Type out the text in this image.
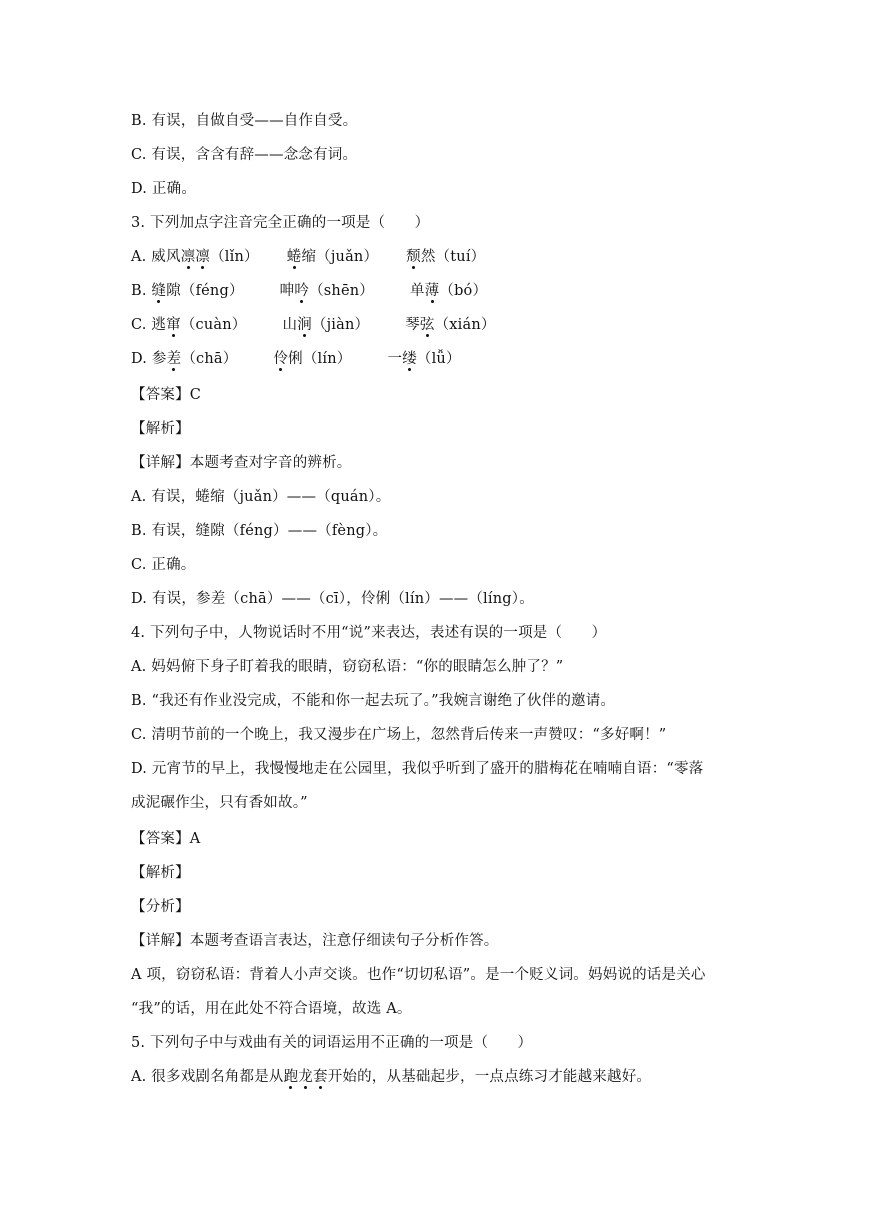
B. 有误，自做自受——自作自受。
C. 有误，含含有辞——念念有词。
D. 正确。
3. 下列加点字注音完全正确的一项是（　　）
A. 威风凛凛（lǐn） 蜷缩（juǎn） 颓然（tuí）
B. 缝隙（féng） 呻吟（shēn） 单薄（bó）
C. 逃窜（cuàn） 山涧（jiàn） 琴弦（xián）
D. 参差（chā） 伶俐（lín） 一缕（lǚ）
【答案】C
【解析】
【详解】本题考查对字音的辨析。
A. 有误，蜷缩（juǎn）——（quán）。
B. 有误，缝隙（féng）——（fèng）。
C. 正确。
D. 有误，参差（chā）——（cī），伶俐（lín）——（líng）。
4. 下列句子中，人物说话时不用“说”来表达，表述有误的一项是（　　）
A. 妈妈俯下身子盯着我的眼睛，窃窃私语：“你的眼睛怎么肿了？”
B. “我还有作业没完成，不能和你一起去玩了。”我婉言谢绝了伙伴的邀请。
C. 清明节前的一个晚上，我又漫步在广场上，忽然背后传来一声赞叹：“多好啊！”
D. 元宵节的早上，我慢慢地走在公园里，我似乎听到了盛开的腊梅花在喃喃自语：“零落
成泥碾作尘，只有香如故。”
【答案】A
【解析】
【分析】
【详解】本题考查语言表达，注意仔细读句子分析作答。
A 项，窃窃私语：背着人小声交谈。也作“切切私语”。是一个贬义词。妈妈说的话是关心
“我”的话，用在此处不符合语境，故选 A。
5. 下列句子中与戏曲有关的词语运用不正确的一项是（　　）
A. 很多戏剧名角都是从跑龙套开始的，从基础起步，一点点练习才能越来越好。
